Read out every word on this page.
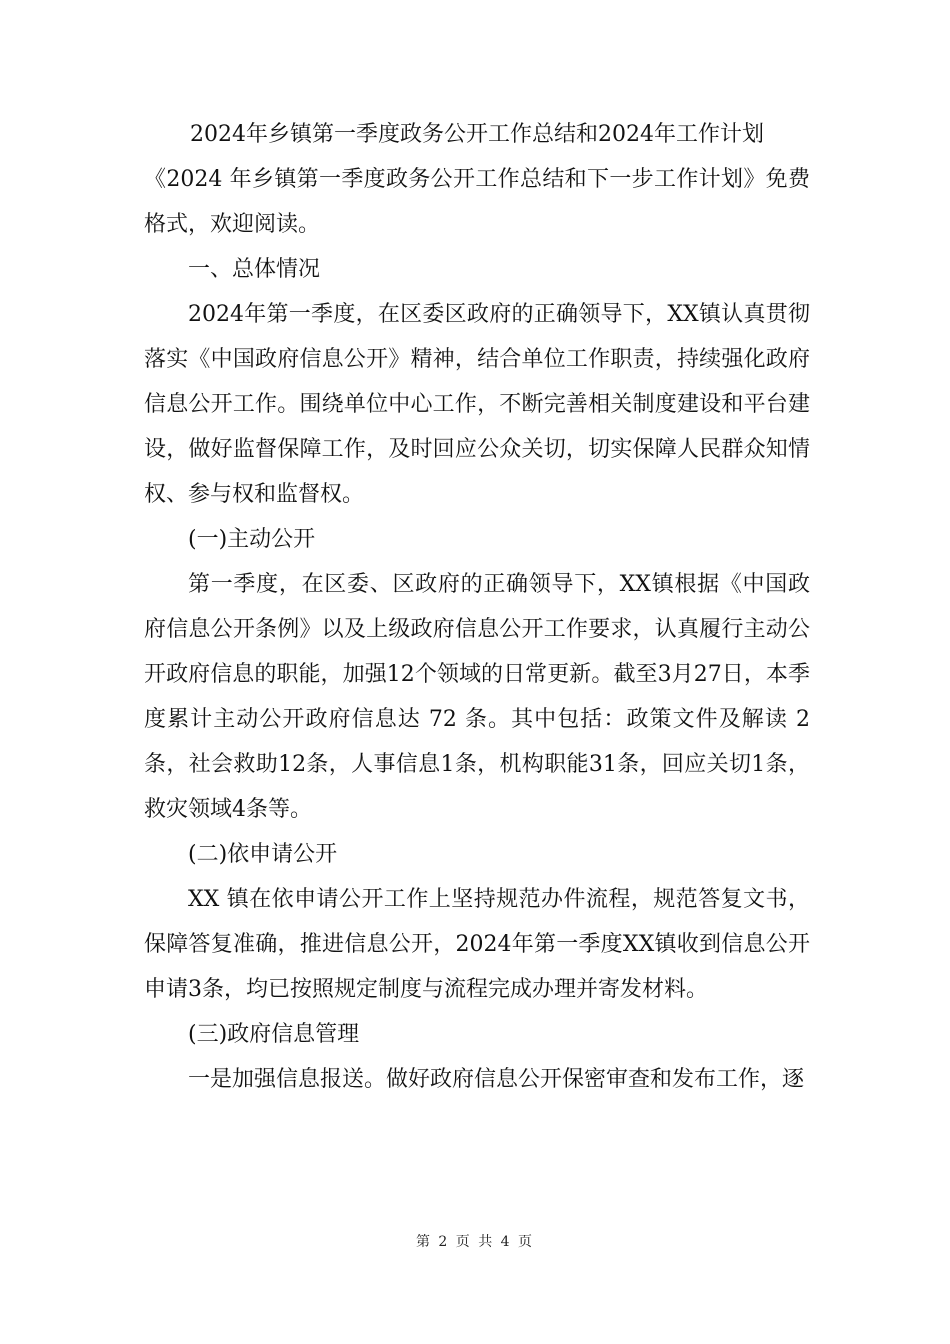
2024年乡镇第一季度政务公开工作总结和2024年工作计划

《2024 年乡镇第一季度政务公开工作总结和下一步工作计划》免费格式，欢迎阅读。

一、总体情况

2024年第一季度，在区委区政府的正确领导下，XX镇认真贯彻落实《中国政府信息公开》精神，结合单位工作职责，持续强化政府信息公开工作。围绕单位中心工作，不断完善相关制度建设和平台建设，做好监督保障工作，及时回应公众关切，切实保障人民群众知情权、参与权和监督权。

(一)主动公开

第一季度，在区委、区政府的正确领导下，XX镇根据《中国政府信息公开条例》以及上级政府信息公开工作要求，认真履行主动公开政府信息的职能，加强12个领域的日常更新。截至3月27日，本季度累计主动公开政府信息达 72 条。其中包括：政策文件及解读 2条，社会救助12条，人事信息1条，机构职能31条，回应关切1条，救灾领域4条等。

(二)依申请公开

XX 镇在依申请公开工作上坚持规范办件流程，规范答复文书，保障答复准确，推进信息公开，2024年第一季度XX镇收到信息公开申请3条，均已按照规定制度与流程完成办理并寄发材料。

(三)政府信息管理

一是加强信息报送。做好政府信息公开保密审查和发布工作，逐

第 2 页 共 4 页
